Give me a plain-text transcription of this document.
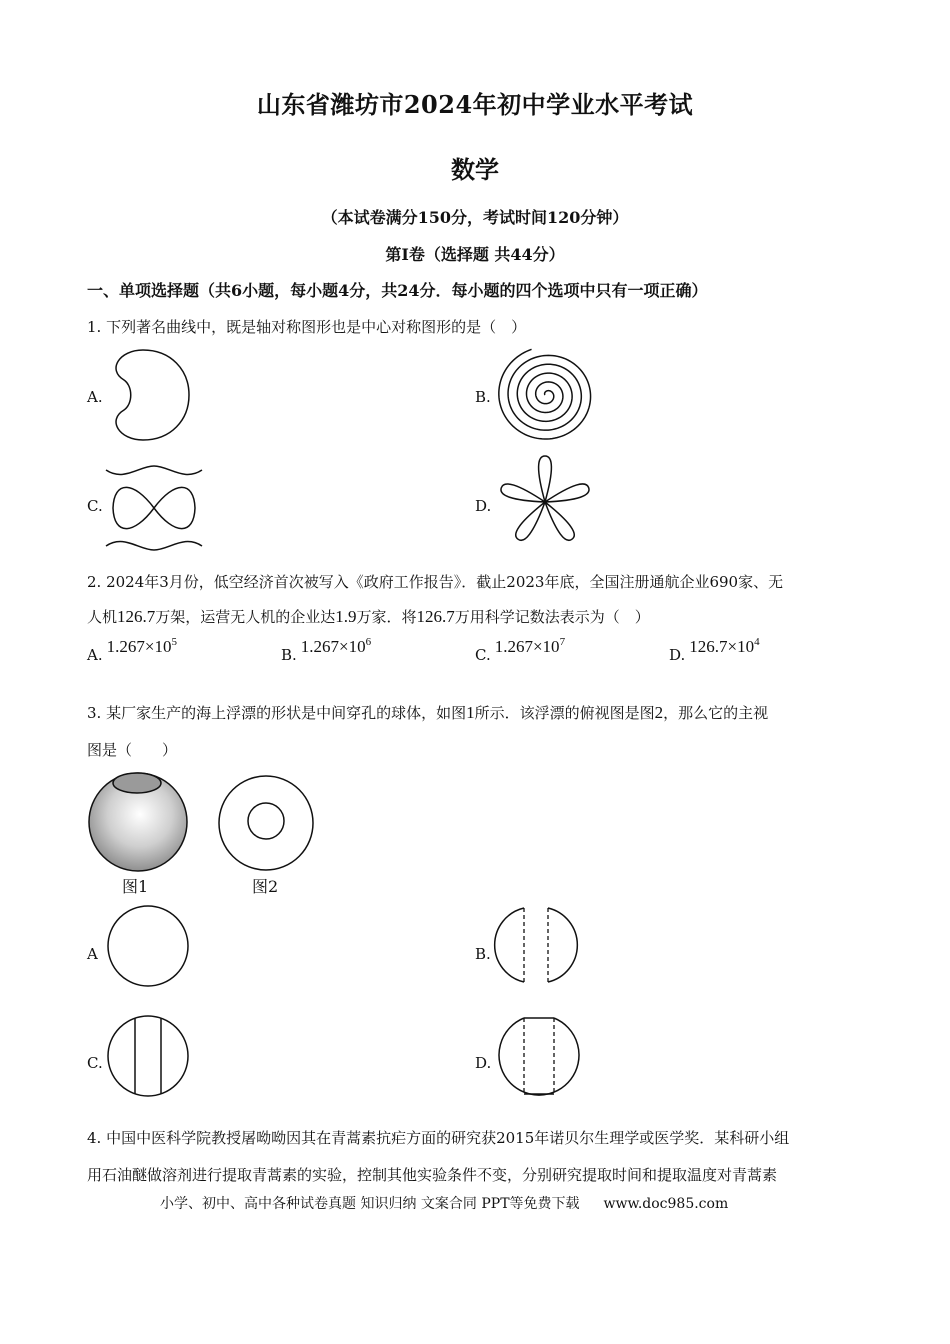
山东省潍坊市2024年初中学业水平考试
数学
（本试卷满分150分，考试时间120分钟）
第Ⅰ卷（选择题 共44分）
一、单项选择题（共6小题，每小题4分，共24分．每小题的四个选项中只有一项正确）
1. 下列著名曲线中，既是轴对称图形也是中心对称图形的是（　）
A.	B.
C.	D.
2. 2024年3月份，低空经济首次被写入《政府工作报告》．截止2023年底，全国注册通航企业690家、无
人机126.7万架，运营无人机的企业达1.9万家．将126.7万用科学记数法表示为（　）
A. $1.267\times 10^5$
B. $1.267\times 10^6$
C. $1.267\times 10^7$
D. $126.7\times 10^4$
3. 某厂家生产的海上浮漂的形状是中间穿孔的球体，如图1所示．该浮漂的俯视图是图2，那么它的主视
图是（　　）
图1	图2
A	B.
C.	D.
4. 中国中医科学院教授屠呦呦因其在青蒿素抗疟方面的研究获2015年诺贝尔生理学或医学奖．某科研小组
用石油醚做溶剂进行提取青蒿素的实验，控制其他实验条件不变，分别研究提取时间和提取温度对青蒿素
小学、初中、高中各种试卷真题 知识归纳 文案合同 PPT等免费下载 www.doc985.com
